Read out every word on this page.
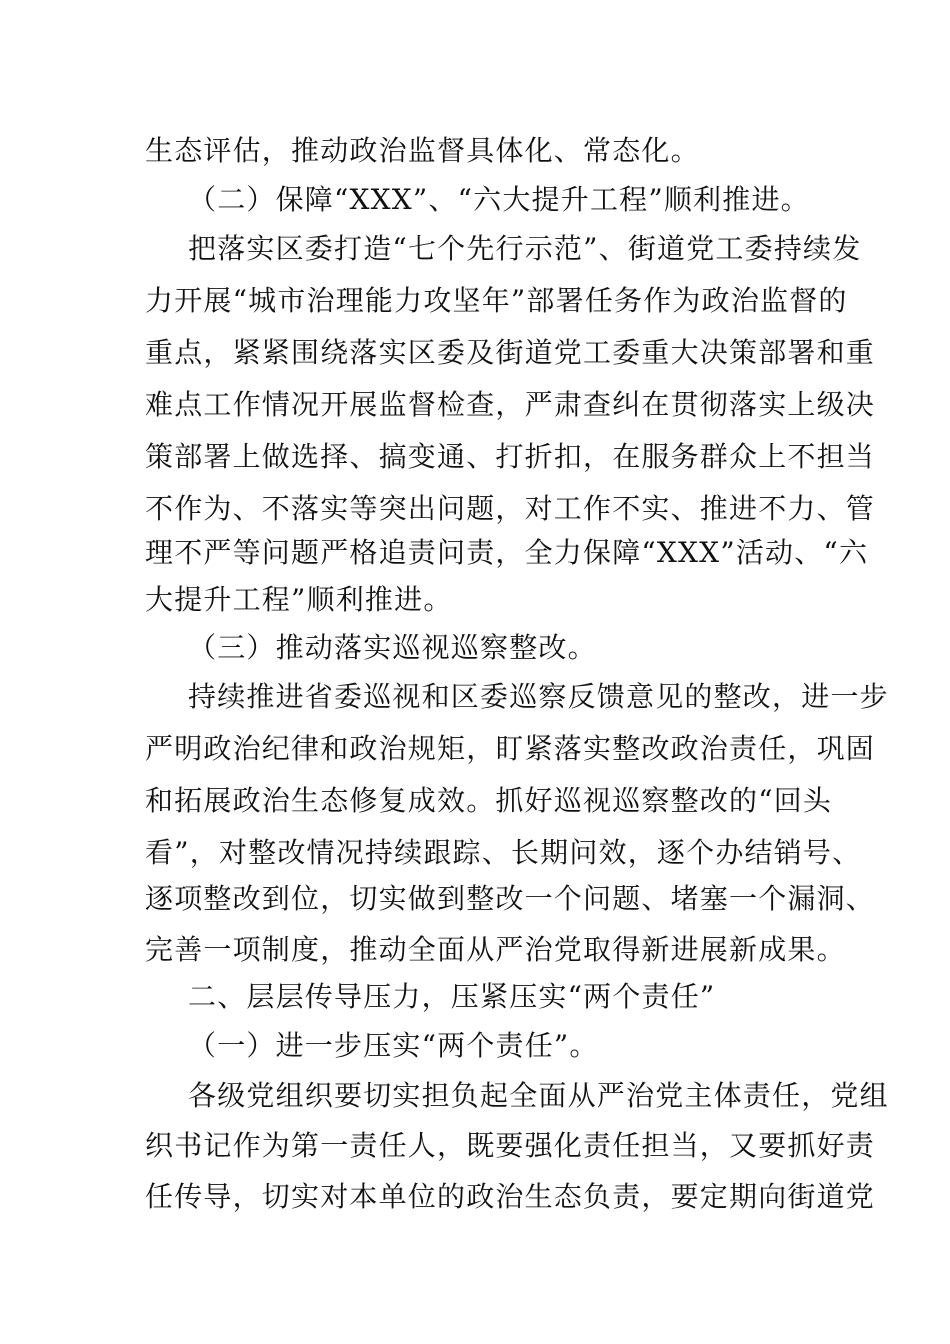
生态评估，推动政治监督具体化、常态化。
（二）保障“XXX”、“六大提升工程”顺利推进。
把落实区委打造“七个先行示范”、街道党工委持续发
力开展“城市治理能力攻坚年”部署任务作为政治监督的
重点，紧紧围绕落实区委及街道党工委重大决策部署和重
难点工作情况开展监督检查，严肃查纠在贯彻落实上级决
策部署上做选择、搞变通、打折扣，在服务群众上不担当
不作为、不落实等突出问题，对工作不实、推进不力、管
理不严等问题严格追责问责，全力保障“XXX”活动、“六
大提升工程”顺利推进。
（三）推动落实巡视巡察整改。
持续推进省委巡视和区委巡察反馈意见的整改，进一步
严明政治纪律和政治规矩，盯紧落实整改政治责任，巩固
和拓展政治生态修复成效。抓好巡视巡察整改的“回头
看”，对整改情况持续跟踪、长期问效，逐个办结销号、
逐项整改到位，切实做到整改一个问题、堵塞一个漏洞、
完善一项制度，推动全面从严治党取得新进展新成果。
二、层层传导压力，压紧压实“两个责任”
（一）进一步压实“两个责任”。
各级党组织要切实担负起全面从严治党主体责任，党组
织书记作为第一责任人，既要强化责任担当，又要抓好责
任传导，切实对本单位的政治生态负责，要定期向街道党
